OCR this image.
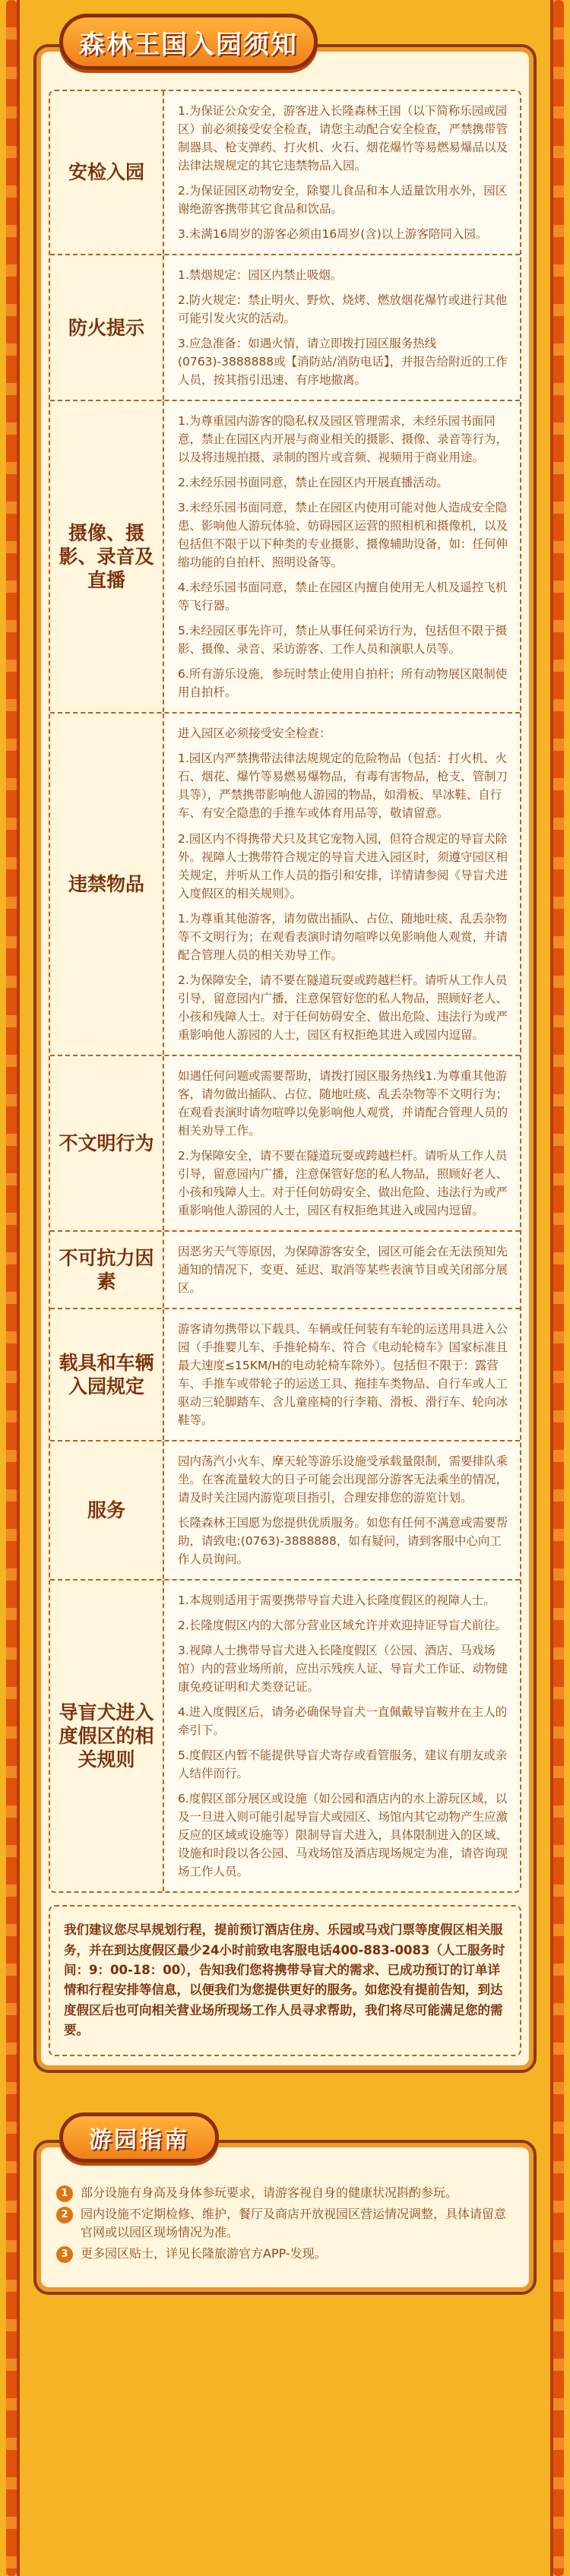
森林王国入园须知
安检入园

1.为保证公众安全，游客进入长隆森林王国（以下简称乐园或园区）前必须接受安全检查，请您主动配合安全检查，严禁携带管制器具、枪支弹药、打火机、火石、烟花爆竹等易燃易爆品以及法律法规规定的其它违禁物品入园。

2.为保证园区动物安全，除婴儿食品和本人适量饮用水外，园区谢绝游客携带其它食品和饮品。

3.未满16周岁的游客必须由16周岁(含)以上游客陪同入园。

防火提示

1.禁烟规定：园区内禁止吸烟。

2.防火规定：禁止明火、野炊、烧烤、燃放烟花爆竹或进行其他可能引发火灾的活动。

3.应急准备：如遇火情，请立即拨打园区服务热线(0763)-3888888或【消防站/消防电话】，并报告给附近的工作人员，按其指引迅速、有序地撤离。

摄像、摄影、录音及直播

1.为尊重园内游客的隐私权及园区管理需求，未经乐园书面同意，禁止在园区内开展与商业相关的摄影、摄像、录音等行为，以及将违规拍摄、录制的图片或音频、视频用于商业用途。

2.未经乐园书面同意，禁止在园区内开展直播活动。

3.未经乐园书面同意，禁止在园区内使用可能对他人造成安全隐患、影响他人游玩体验、妨碍园区运营的照相机和摄像机，以及包括但不限于以下种类的专业摄影、摄像辅助设备，如：任何伸缩功能的自拍杆、照明设备等。

4.未经乐园书面同意，禁止在园区内擅自使用无人机及遥控飞机等飞行器。

5.未经园区事先许可，禁止从事任何采访行为，包括但不限于摄影、摄像、录音、采访游客、工作人员和演职人员等。

6.所有游乐设施，参玩时禁止使用自拍杆；所有动物展区限制使用自拍杆。

违禁物品

进入园区必须接受安全检查：

1.园区内严禁携带法律法规规定的危险物品（包括：打火机、火石、烟花、爆竹等易燃易爆物品，有毒有害物品，枪支、管制刀具等），严禁携带影响他人游园的物品，如滑板、旱冰鞋、自行车、有安全隐患的手推车或体育用品等，敬请留意。

2.园区内不得携带犬只及其它宠物入园，但符合规定的导盲犬除外。视障人士携带符合规定的导盲犬进入园区时，须遵守园区相关规定，并听从工作人员的指引和安排，详情请参阅《导盲犬进入度假区的相关规则》。

1.为尊重其他游客，请勿做出插队、占位、随地吐痰、乱丢杂物等不文明行为；在观看表演时请勿喧哗以免影响他人观赏，并请配合管理人员的相关劝导工作。

2.为保障安全，请不要在隧道玩耍或跨越栏杆。请听从工作人员引导，留意园内广播，注意保管好您的私人物品，照顾好老人、小孩和残障人士。对于任何妨碍安全、做出危险、违法行为或严重影响他人游园的人士，园区有权拒绝其进入或园内逗留。

不文明行为

如遇任何问题或需要帮助，请拨打园区服务热线1.为尊重其他游客，请勿做出插队、占位、随地吐痰、乱丢杂物等不文明行为；在观看表演时请勿喧哗以免影响他人观赏，并请配合管理人员的相关劝导工作。

2.为保障安全，请不要在隧道玩耍或跨越栏杆。请听从工作人员引导，留意园内广播，注意保管好您的私人物品，照顾好老人、小孩和残障人士。对于任何妨碍安全、做出危险、违法行为或严重影响他人游园的人士，园区有权拒绝其进入或园内逗留。

不可抗力因素

因恶劣天气等原因，为保障游客安全，园区可能会在无法预知先通知的情况下，变更、延迟、取消等某些表演节目或关闭部分展区。

载具和车辆入园规定

游客请勿携带以下载具、车辆或任何装有车轮的运送用具进入公园（手推婴儿车、手推轮椅车、符合《电动轮椅车》国家标准且最大速度≤15KM/H的电动轮椅车除外）。包括但不限于：露营车、手推车或带轮子的运送工具、拖挂车类物品、自行车或人工驱动三轮脚踏车、含儿童座椅的行李箱、滑板、滑行车、轮向冰鞋等。

服务

园内荡汽小火车、摩天轮等游乐设施受承载量限制，需要排队乘坐。在客流量较大的日子可能会出现部分游客无法乘坐的情况，请及时关注园内游览项目指引，合理安排您的游览计划。

长隆森林王国愿为您提供优质服务。如您有任何不满意或需要帮助，请致电:(0763)-3888888，如有疑问，请到客服中心向工作人员询问。

导盲犬进入度假区的相关规则

1.本规则适用于需要携带导盲犬进入长隆度假区的视障人士。

2.长隆度假区内的大部分营业区域允许并欢迎持证导盲犬前往。

3.视障人士携带导盲犬进入长隆度假区（公园、酒店、马戏场馆）内的营业场所前，应出示残疾人证、导盲犬工作证、动物健康免疫证明和犬类登记证。

4.进入度假区后，请务必确保导盲犬一直佩戴导盲鞍并在主人的牵引下。

5.度假区内暂不能提供导盲犬寄存或看管服务，建议有朋友或亲人结伴而行。

6.度假区部分展区或设施（如公园和酒店内的水上游玩区域，以及一旦进入则可能引起导盲犬或园区、场馆内其它动物产生应激反应的区域或设施等）限制导盲犬进入，具体限制进入的区域、设施和时段以各公园、马戏场馆及酒店现场规定为准，请咨询现场工作人员。

我们建议您尽早规划行程，提前预订酒店住房、乐园或马戏门票等度假区相关服务，并在到达度假区最少24小时前致电客服电话400-883-0083（人工服务时间：9：00-18：00），告知我们您将携带导盲犬的需求、已成功预订的订单详情和行程安排等信息，以便我们为您提供更好的服务。如您没有提前告知，到达度假区后也可向相关营业场所现场工作人员寻求帮助，我们将尽可能满足您的需要。
游园指南
1	部分设施有身高及身体参玩要求，请游客视自身的健康状况斟酌参玩。
2	园内设施不定期检修、维护，餐厅及商店开放视园区营运情况调整，具体请留意官网或以园区现场情况为准。
3	更多园区贴士，详见长隆旅游官方APP-发现。
